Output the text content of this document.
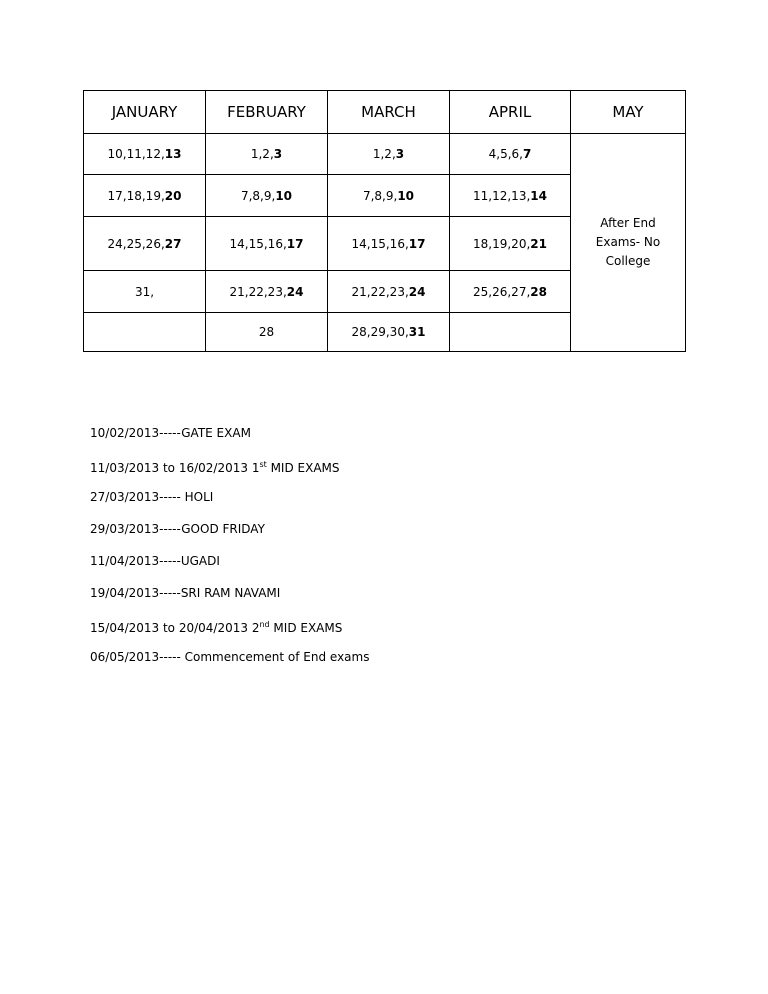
JANUARY	FEBRUARY	MARCH	APRIL	MAY
10,11,12,13	1,2,3	1,2,3	4,5,6,7	After End
Exams- No
College

17,18,19,20	7,8,9,10	7,8,9,10	11,12,13,14	
24,25,26,27	14,15,16,17	14,15,16,17	18,19,20,21	
31,	21,22,23,24	21,22,23,24	25,26,27,28	
	28	28,29,30,31		
10/02/2013-----GATE EXAM
11/03/2013 to 16/02/2013 1st MID EXAMS
27/03/2013----- HOLI
29/03/2013-----GOOD FRIDAY
11/04/2013-----UGADI
19/04/2013-----SRI RAM NAVAMI
15/04/2013 to 20/04/2013 2nd MID EXAMS
06/05/2013----- Commencement of End exams
